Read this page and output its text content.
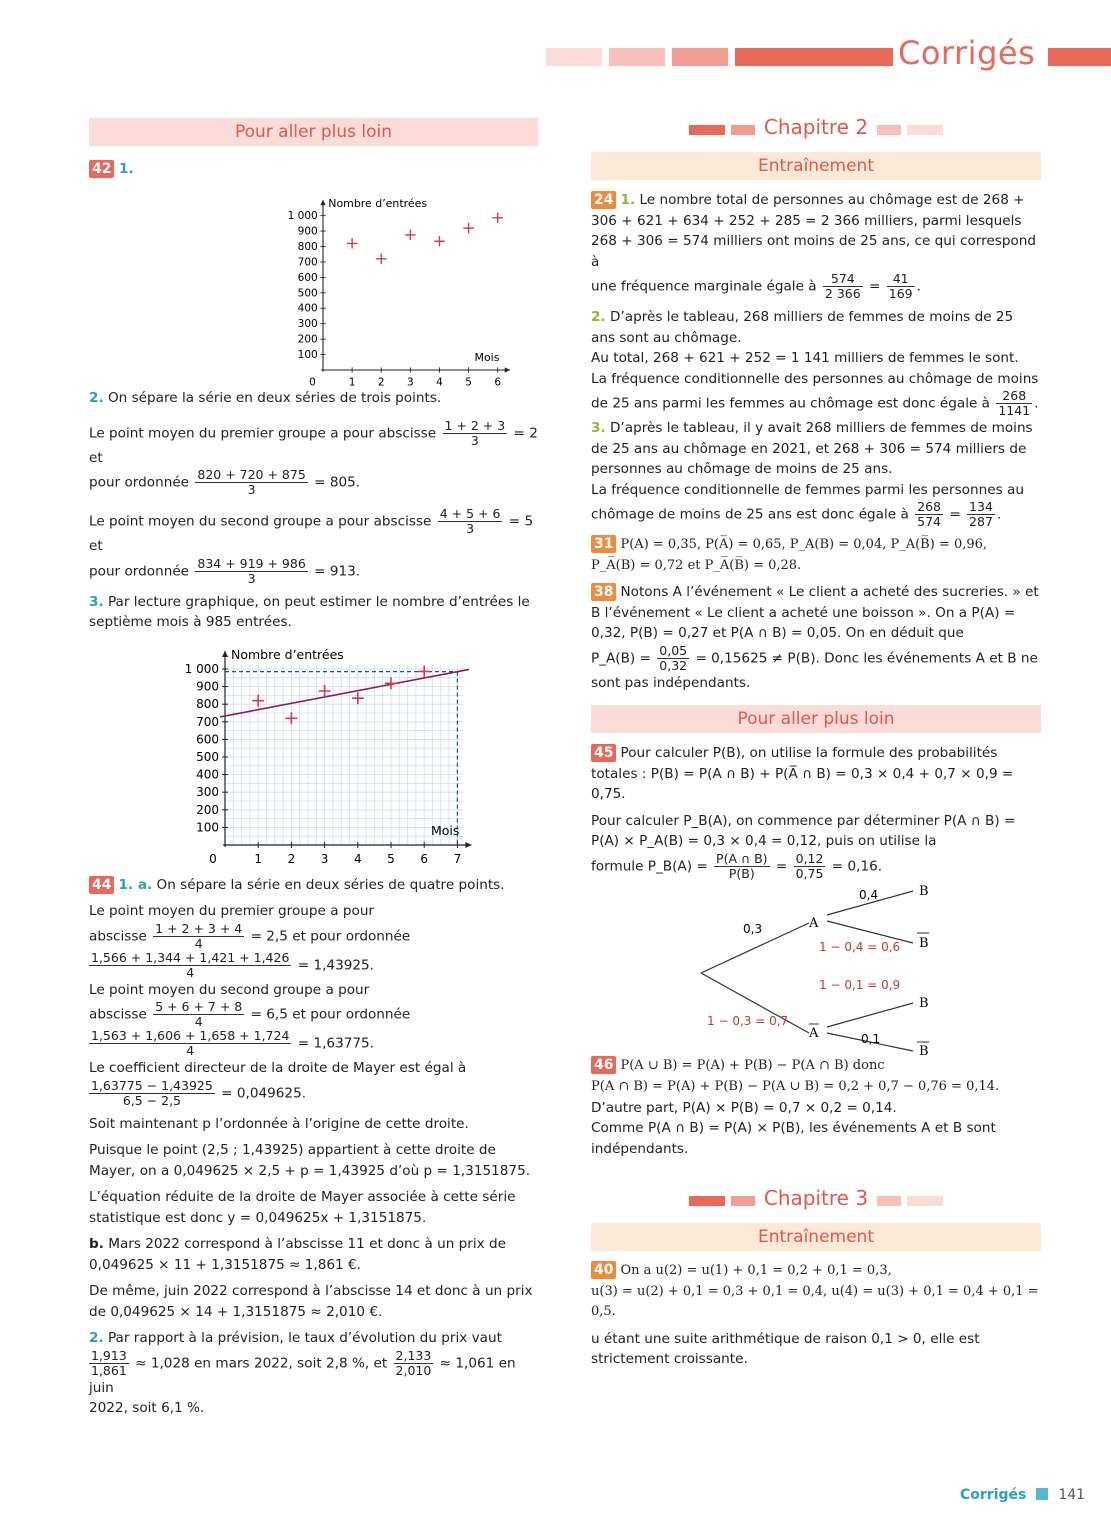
Corrigés
Pour aller plus loin
42 1.
1 000
900
800
700
600
500
400
300
200
100
0	1 2 3 4 5 6
Nombre d’entrées
Mois

2. On sépare la série en deux séries de trois points.

Le point moyen du premier groupe a pour abscisse $\frac{1 + 2 + 3}{3} = 2$ et
pour ordonnée $\frac{820 + 720 + 875}{3} = 805$.

Le point moyen du second groupe a pour abscisse $\frac{4 + 5 + 6}{3} = 5$ et
pour ordonnée $\frac{834 + 919 + 986}{3} = 913$.

3. Par lecture graphique, on peut estimer le nombre d’entrées le septième mois à 985 entrées.

1 000
900
800
700
600
500
400
300
200
100
0	1 2 3 4 5 6 7
Nombre d’entrées
Mois

44 1. a. On sépare la série en deux séries de quatre points.

Le point moyen du premier groupe a pour
abscisse $\frac{1 + 2 + 3 + 4}{4} = 2,5$ et pour ordonnée

$\frac{1,566 + 1,344 + 1,421 + 1,426}{4} = 1,43925$.

Le point moyen du second groupe a pour
abscisse $\frac{5 + 6 + 7 + 8}{4} = 6,5$ et pour ordonnée

$\frac{1,563 + 1,606 + 1,658 + 1,724}{4} = 1,63775$.

Le coefficient directeur de la droite de Mayer est égal à

$\frac{1,63775 - 1,43925}{6,5 - 2,5} = 0,049625$.

Soit maintenant p l’ordonnée à l’origine de cette droite.

Puisque le point (2,5 ; 1,43925) appartient à cette droite de Mayer, on a 0,049625 × 2,5 + p = 1,43925 d’où p = 1,3151875.

L’équation réduite de la droite de Mayer associée à cette série statistique est donc y = 0,049625x + 1,3151875.

b. Mars 2022 correspond à l’abscisse 11 et donc à un prix de 0,049625 × 11 + 1,3151875 ≈ 1,861 €.

De même, juin 2022 correspond à l’abscisse 14 et donc à un prix de 0,049625 × 14 + 1,3151875 ≈ 2,010 €.

2. Par rapport à la prévision, le taux d’évolution du prix vaut

$\frac{1,913}{1,861} \approx 1,028$ en mars 2022, soit 2,8 %, et $\frac{2,133}{2,010} \approx 1,061$ en juin
2022, soit 6,1 %.

Chapitre 2
Entraînement

24 1. Le nombre total de personnes au chômage est de 268 + 306 + 621 + 634 + 252 + 285 = 2 366 milliers, parmi lesquels 268 + 306 = 574 milliers ont moins de 25 ans, ce qui correspond à
une fréquence marginale égale à $\frac{574}{2 366} = \frac{41}{169}$ .

2. D’après le tableau, 268 milliers de femmes de moins de 25 ans sont au chômage.
Au total, 268 + 621 + 252 = 1 141 milliers de femmes le sont.
La fréquence conditionnelle des personnes au chômage de moins
de 25 ans parmi les femmes au chômage est donc égale à $\frac{268}{1141}$ .

3. D’après le tableau, il y avait 268 milliers de femmes de moins de 25 ans au chômage en 2021, et 268 + 306 = 574 milliers de personnes au chômage de moins de 25 ans.
La fréquence conditionnelle de femmes parmi les personnes au
chômage de moins de 25 ans est donc égale à $\frac{268}{574} = \frac{134}{287}$ .

31 P(A) = 0,35, P(A̅) = 0,65, P_A(B) = 0,04, P_A(B̅) = 0,96,
P_A̅(B) = 0,72 et P_A̅(B̅) = 0,28.

38 Notons A l’événement « Le client a acheté des sucreries. » et B l’événement « Le client a acheté une boisson ». On a P(A) = 0,32, P(B) = 0,27 et P(A ∩ B) = 0,05. On en déduit que
P_A(B) = $\frac{0,05}{0,32} = 0,15625 \ne P(B)$. Donc les événements A et B ne
sont pas indépendants.

Pour aller plus loin

45 Pour calculer P(B), on utilise la formule des probabilités totales : P(B) = P(A ∩ B) + P(A̅ ∩ B) = 0,3 × 0,4 + 0,7 × 0,9 = 0,75.

Pour calculer P_B(A), on commence par déterminer P(A ∩ B) = P(A) × P_A(B) = 0,3 × 0,4 = 0,12, puis on utilise la
formule P_B(A) = $\frac{P(A \cap B)}{P(B)} = \frac{0,12}{0,75} = 0,16$.

A
A
B
B
B
B
0,3
1 − 0,3 = 0,7
0,4
1 − 0,4 = 0,6
1 − 0,1 = 0,9
0,1

46 P(A ∪ B) = P(A) + P(B) − P(A ∩ B) donc
P(A ∩ B) = P(A) + P(B) − P(A ∪ B) = 0,2 + 0,7 − 0,76 = 0,14.
D’autre part, P(A) × P(B) = 0,7 × 0,2 = 0,14.
Comme P(A ∩ B) = P(A) × P(B), les événements A et B sont indépendants.

Chapitre 3
Entraînement

40 On a u(2) = u(1) + 0,1 = 0,2 + 0,1 = 0,3,
u(3) = u(2) + 0,1 = 0,3 + 0,1 = 0,4, u(4) = u(3) + 0,1 = 0,4 + 0,1 = 0,5.

u étant une suite arithmétique de raison 0,1 > 0, elle est strictement croissante.

Corrigés 141
